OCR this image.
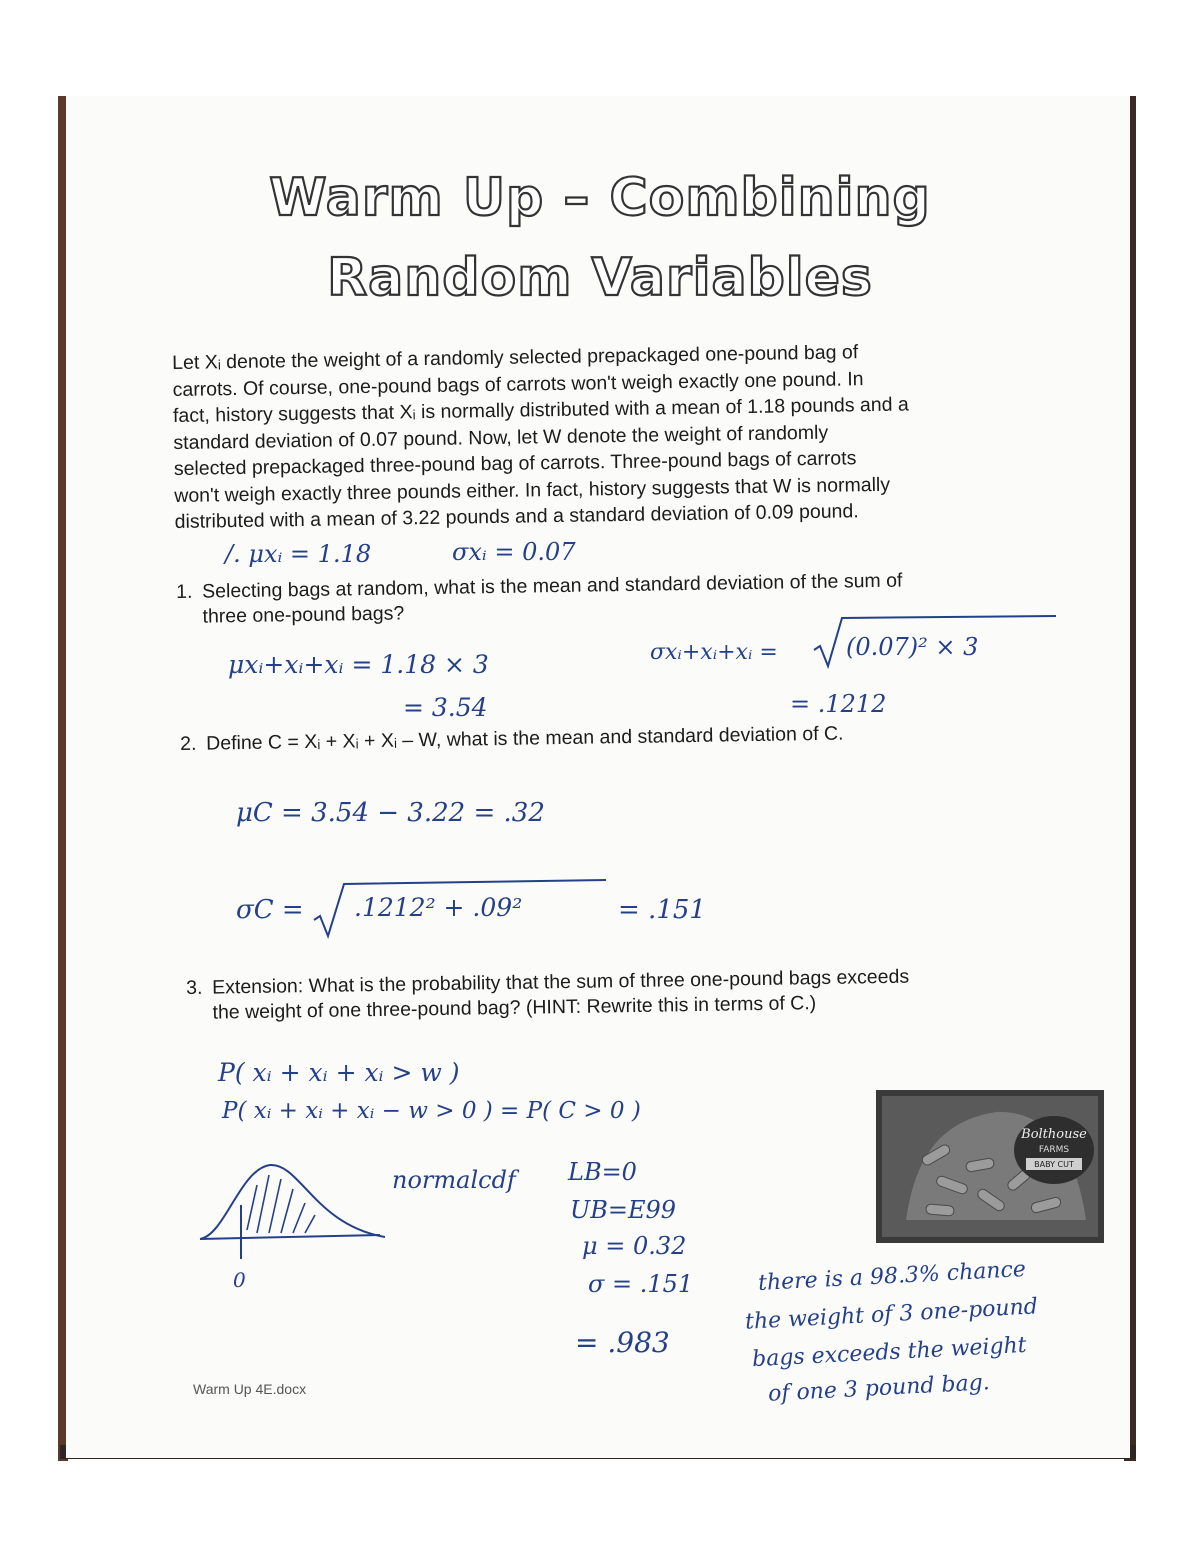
Warm Up – Combining
Random Variables

Let Xᵢ denote the weight of a randomly selected prepackaged one-pound bag of

carrots. Of course, one-pound bags of carrots won't weigh exactly one pound. In

fact, history suggests that Xᵢ is normally distributed with a mean of 1.18 pounds and a

standard deviation of 0.07 pound. Now, let W denote the weight of randomly

selected prepackaged three-pound bag of carrots. Three-pound bags of carrots

won't weigh exactly three pounds either. In fact, history suggests that W is normally

distributed with a mean of 3.22 pounds and a standard deviation of 0.09 pound.

/. μxᵢ = 1.18	σxᵢ = 0.07
1. Selecting bags at random, what is the mean and standard deviation of the sum of
three one-pound bags?
μxᵢ+xᵢ+xᵢ = 1.18 × 3
= 3.54
σxᵢ+xᵢ+xᵢ =	(0.07)² × 3
= .1212
2. Define C = Xᵢ + Xᵢ + Xᵢ – W, what is the mean and standard deviation of C.
μC = 3.54 − 3.22 = .32
σC = .1212² + .09²	= .151
3. Extension: What is the probability that the sum of three one-pound bags exceeds
the weight of one three-pound bag? (HINT: Rewrite this in terms of C.)
P( xᵢ + xᵢ + xᵢ > w )
P( xᵢ + xᵢ + xᵢ − w > 0 ) = P( C > 0 )
0
normalcdf LB=0
UB=E99
μ = 0.32
σ = .151
= .983
there is a 98.3% chance
the weight of 3 one-pound
bags exceeds the weight
of one 3 pound bag.
Bolthouse
FARMS
BABY CUT
Warm Up 4E.docx
